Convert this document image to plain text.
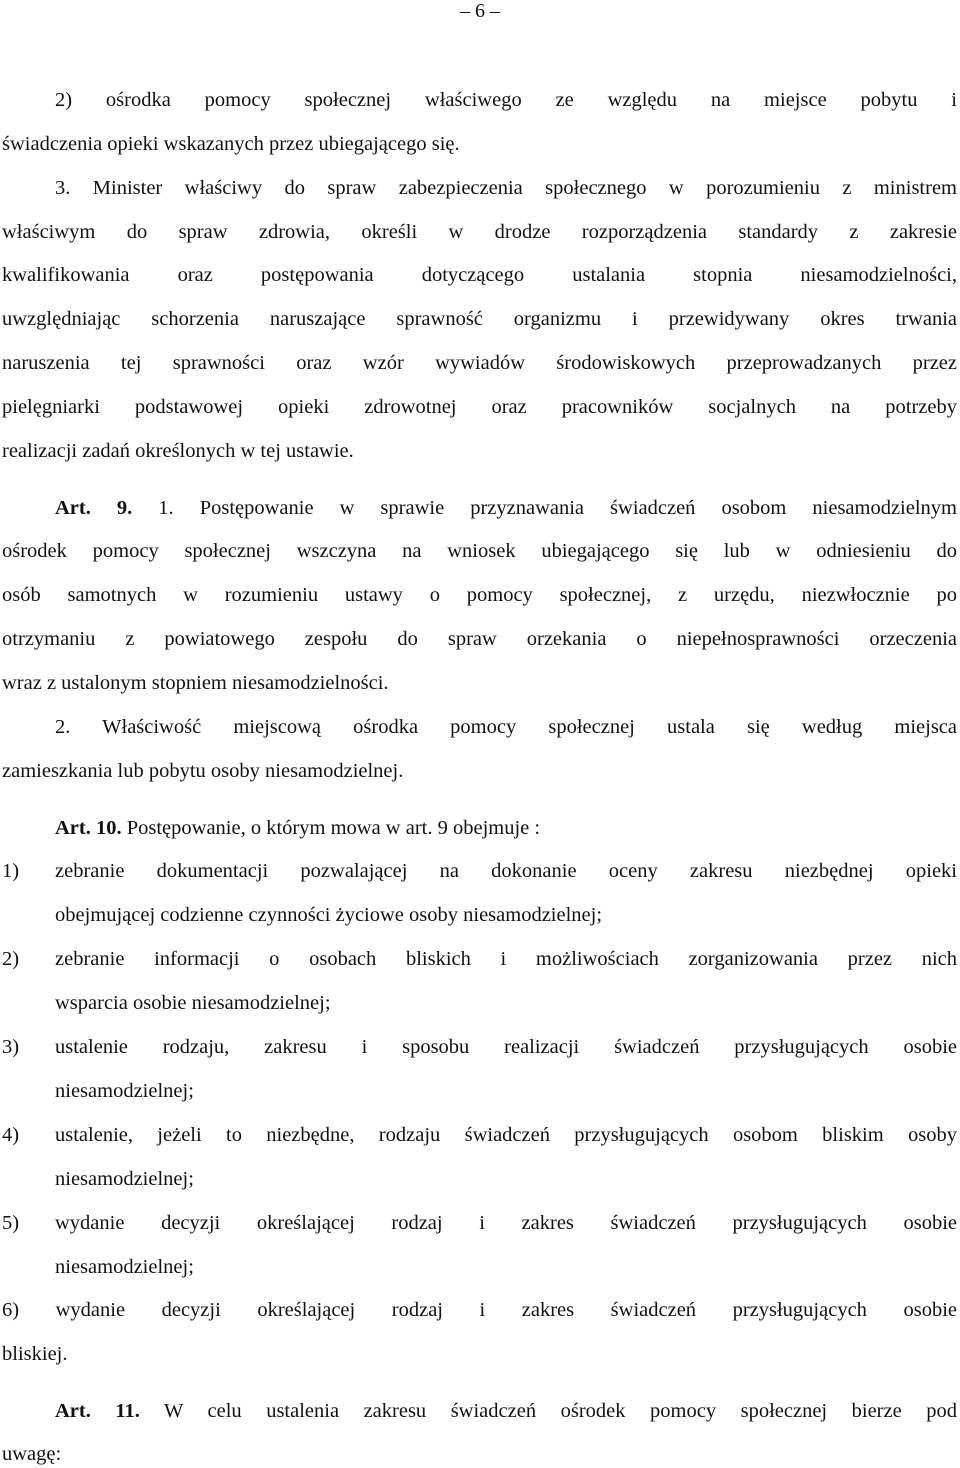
– 6 –
2) ośrodka pomocy społecznej właściwego ze względu na miejsce pobytu i
świadczenia opieki wskazanych przez ubiegającego się.
3. Minister właściwy do spraw zabezpieczenia społecznego w porozumieniu z ministrem
właściwym do spraw zdrowia, określi w drodze rozporządzenia standardy z zakresie
kwalifikowania oraz postępowania dotyczącego ustalania stopnia niesamodzielności,
uwzględniając schorzenia naruszające sprawność organizmu i przewidywany okres trwania
naruszenia tej sprawności oraz wzór wywiadów środowiskowych przeprowadzanych przez
pielęgniarki podstawowej opieki zdrowotnej oraz pracowników socjalnych na potrzeby
realizacji zadań określonych w tej ustawie.
Art. 9. 1. Postępowanie w sprawie przyznawania świadczeń osobom niesamodzielnym
ośrodek pomocy społecznej wszczyna na wniosek ubiegającego się lub w odniesieniu do
osób samotnych w rozumieniu ustawy o pomocy społecznej, z urzędu, niezwłocznie po
otrzymaniu z powiatowego zespołu do spraw orzekania o niepełnosprawności orzeczenia
wraz z ustalonym stopniem niesamodzielności.
2. Właściwość miejscową ośrodka pomocy społecznej ustala się według miejsca
zamieszkania lub pobytu osoby niesamodzielnej.
Art. 10. Postępowanie, o którym mowa w art. 9 obejmuje :
1) zebranie dokumentacji pozwalającej na dokonanie oceny zakresu niezbędnej opieki
obejmującej codzienne czynności życiowe osoby niesamodzielnej;
2) zebranie informacji o osobach bliskich i możliwościach zorganizowania przez nich
wsparcia osobie niesamodzielnej;
3) ustalenie rodzaju, zakresu i sposobu realizacji świadczeń przysługujących osobie
niesamodzielnej;
4) ustalenie, jeżeli to niezbędne, rodzaju świadczeń przysługujących osobom bliskim osoby
niesamodzielnej;
5) wydanie decyzji określającej rodzaj i zakres świadczeń przysługujących osobie
niesamodzielnej;
6) wydanie decyzji określającej rodzaj i zakres świadczeń przysługujących osobie
bliskiej.
Art. 11. W celu ustalenia zakresu świadczeń ośrodek pomocy społecznej bierze pod
uwagę:
